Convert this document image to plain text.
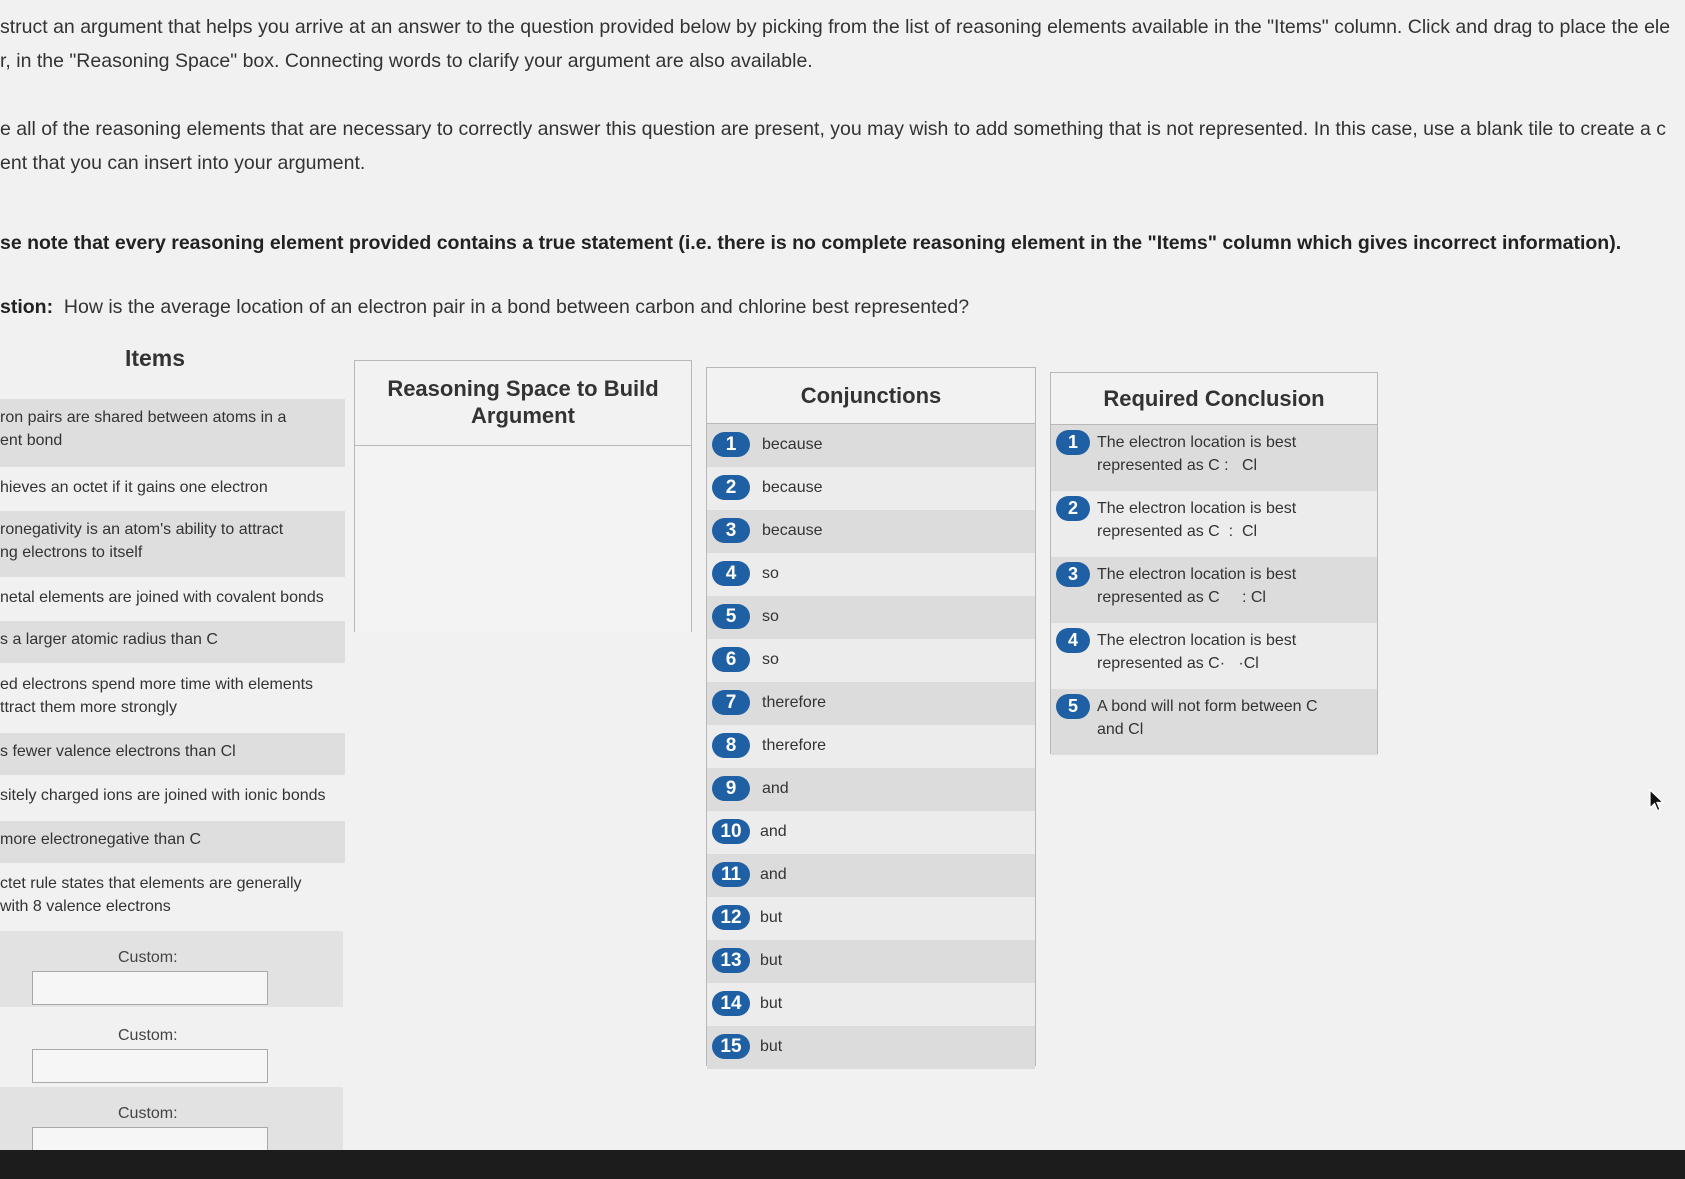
struct an argument that helps you arrive at an answer to the question provided below by picking from the list of reasoning elements available in the "Items" column. Click and drag to place the ele

r, in the "Reasoning Space" box. Connecting words to clarify your argument are also available.

e all of the reasoning elements that are necessary to correctly answer this question are present, you may wish to add something that is not represented. In this case, use a blank tile to create a c

ent that you can insert into your argument.

se note that every reasoning element provided contains a true statement (i.e. there is no complete reasoning element in the "Items" column which gives incorrect information).

stion: How is the average location of an electron pair in a bond between carbon and chlorine best represented?

Items
ron pairs are shared between atoms in a
ent bond
hieves an octet if it gains one electron
ronegativity is an atom's ability to attract
ng electrons to itself
netal elements are joined with covalent bonds
s a larger atomic radius than C
ed electrons spend more time with elements
ttract them more strongly
s fewer valence electrons than Cl
sitely charged ions are joined with ionic bonds
more electronegative than C
ctet rule states that elements are generally
with 8 valence electrons
Custom:
Custom:
Custom:
Reasoning Space to Build
Argument
Conjunctions
1	because
2	because
3	because
4	so
5	so
6	so
7	therefore
8	therefore
9	and
10	and
11	and
12	but
13	but
14	but
15	but
Required Conclusion
1	The electron location is best
represented as C :   Cl
2	The electron location is best
represented as C  :  Cl
3	The electron location is best
represented as C     : Cl
4	The electron location is best
represented as C·   ·Cl
5	A bond will not form between C
and Cl
